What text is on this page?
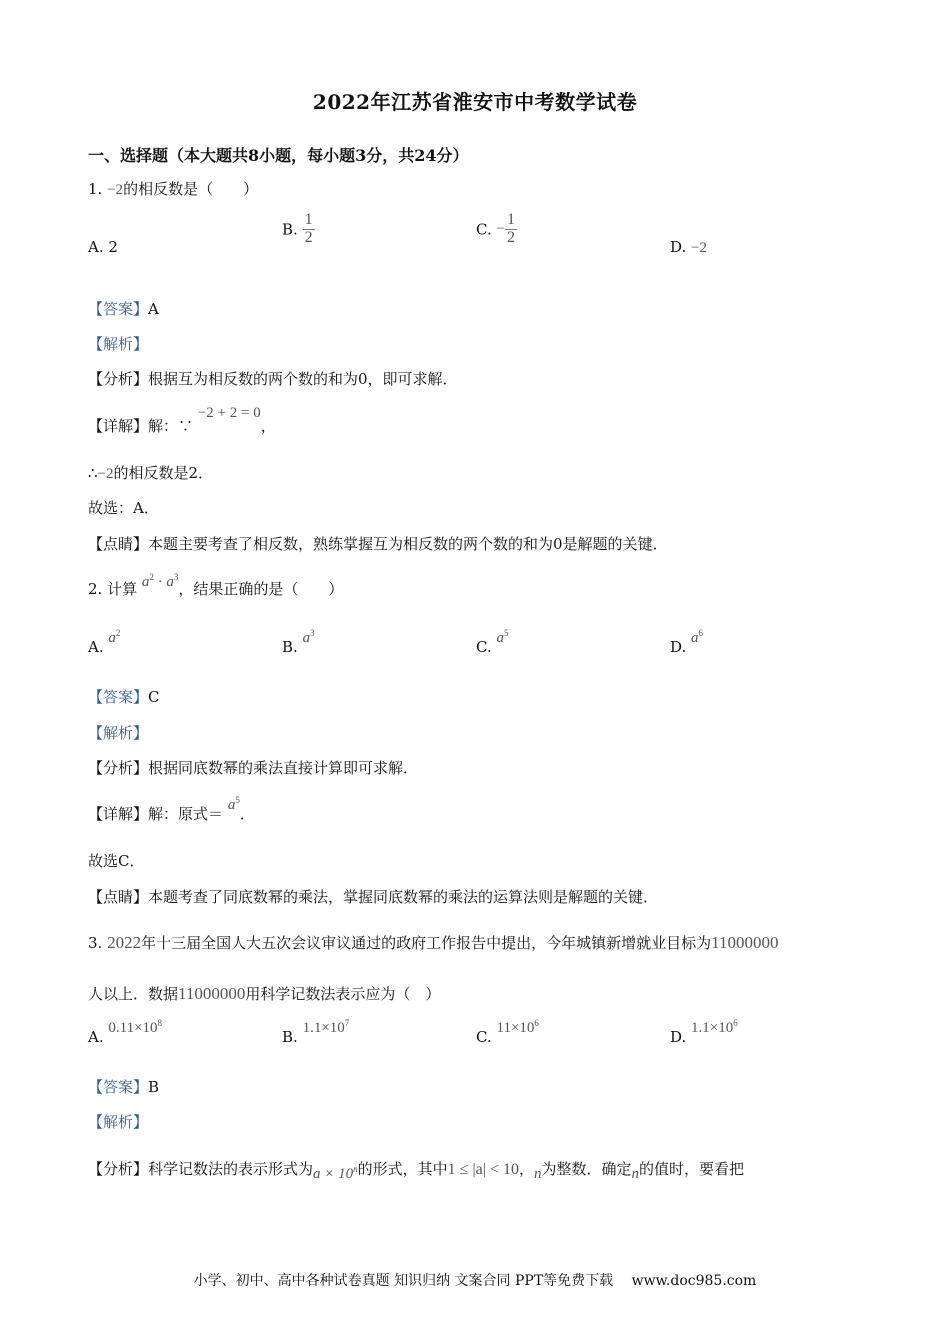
2022年江苏省淮安市中考数学试卷
一、选择题（本大题共8小题，每小题3分，共24分）
1. −2的相反数是（　　）
A. 2
B. $\frac{1}{2}$	C. − $\frac{1}{2}$
D. −2
【答案】A
【解析】
【分析】根据互为相反数的两个数的和为0，即可求解．
【详解】解：∵ −2 + 2 = 0，
∴−2的相反数是2．
故选：A．
【点睛】本题主要考查了相反数，熟练掌握互为相反数的两个数的和为0是解题的关键．
2. 计算 $a^2 \cdot a^3$，结果正确的是（　　）
A. $a^2$
B. $a^3$
C. $a^5$
D. $a^6$
【答案】C
【解析】
【分析】根据同底数幂的乘法直接计算即可求解．
【详解】解：原式＝ $a^5$．
故选C．
【点睛】本题考查了同底数幂的乘法，掌握同底数幂的乘法的运算法则是解题的关键．
3. 2022年十三届全国人大五次会议审议通过的政府工作报告中提出，今年城镇新增就业目标为11000000
人以上．数据11000000用科学记数法表示应为（　）
A. $0.11\times 10^8$
B. $1.1\times 10^7$
C. $11\times 10^6$
D. $1.1\times 10^6$
【答案】B
【解析】
【分析】科学记数法的表示形式为$a \times 10^n$的形式，其中1 ≤ |a| < 10，n为整数．确定n的值时，要看把
小学、初中、高中各种试卷真题 知识归纳 文案合同 PPT等免费下载 www.doc985.com
